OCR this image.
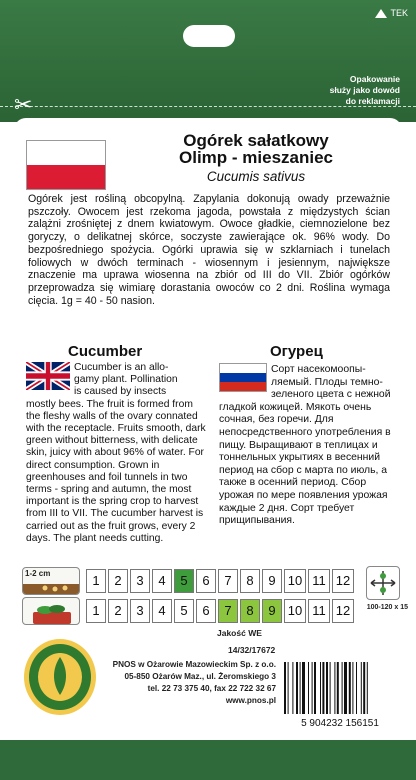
TEK
Opakowanie
służy jako dowód
do reklamacji
✂
Ogórek sałatkowy
Olimp - mieszaniec
Cucumis sativus
Ogórek jest rośliną obcopylną. Zapylania dokonują owady przeważnie pszczoły. Owocem jest rzekoma jagoda, powstała z międzystych ścian zalążni zrośniętej z dnem kwiatowym. Owoce gładkie, ciemnozielone bez goryczy, o delikatnej skórce, soczyste zawierające ok. 96% wody. Do bezpośredniego spożycia. Ogórki uprawia się w szklarniach i tunelach foliowych w dwóch terminach - wiosennym i jesiennym, największe znaczenie ma uprawa wiosenna na zbiór od III do VII. Zbiór ogórków przeprowadza się wimiarę dorastania owoców co 2 dni. Roślina wymaga cięcia. 1g = 40 - 50 nasion.
Cucumber	Огурец
Cucumber is an allo-
gamy plant. Pollination
is caused by insects
mostly bees. The fruit is formed from the fleshy walls of the ovary connated with the receptacle. Fruits smooth, dark green without bitterness, with delicate skin, juicy with about 96% of water. For direct consumption. Grown in greenhouses and foil tunnels in two terms - spring and autumn, the most important is the spring crop to harvest from III to VII. The cucumber harvest is carried out as the fruit grows, every 2 days. The plant needs cutting.
Сорт насекомоопы-
ляемый. Плоды темно-
зеленого цвета с нежной
гладкой кожицей. Мякоть очень сочная, без горечи. Для непосредственного употребления в пищу. Выращивают в теплицах и тоннельных укрытиях в весенний период на сбор с марта по июль, а также в осенний период. Сбор урожая по мере появления урожая каждые 2 дня. Сорт требует прищипывания.
1-2 cm	1	2	3	4	5	6	7	8	9 10 11 12
1	2	3	4	5	6	7	8	9 10 11 12	100-120 x 15
Jakość WE
14/32/17672
PNOS w Ożarowie Mazowieckim Sp. z o.o.
05-850 Ożarów Maz., ul. Żeromskiego 3
tel. 22 73 375 40, fax 22 722 32 67
www.pnos.pl
5 904232 156151
